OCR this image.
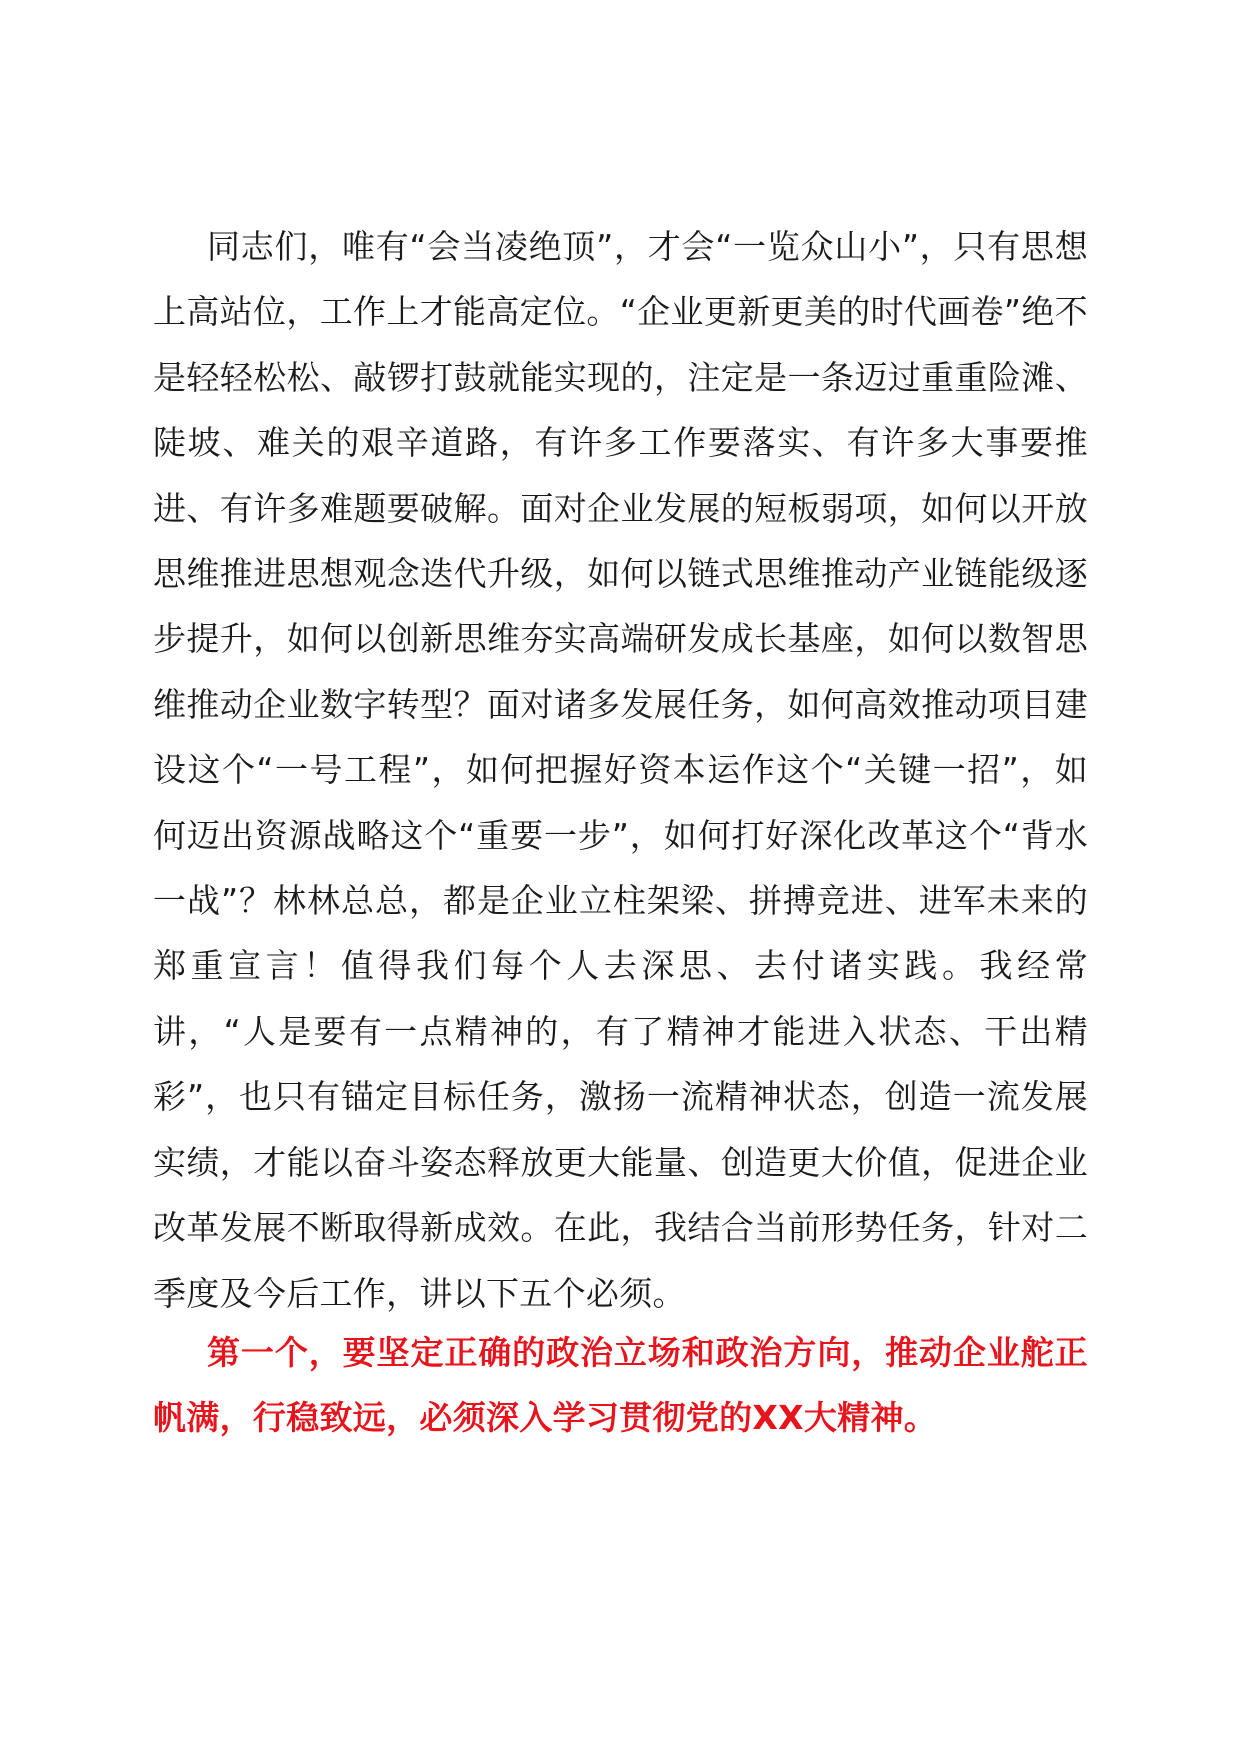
同志们，唯有“会当凌绝顶”，才会“一览众山小”，只有思想上高站位，工作上才能高定位。“企业更新更美的时代画卷”绝不是轻轻松松、敲锣打鼓就能实现的，注定是一条迈过重重险滩、陡坡、难关的艰辛道路，有许多工作要落实、有许多大事要推进、有许多难题要破解。面对企业发展的短板弱项，如何以开放思维推进思想观念迭代升级，如何以链式思维推动产业链能级逐步提升，如何以创新思维夯实高端研发成长基座，如何以数智思维推动企业数字转型？面对诸多发展任务，如何高效推动项目建设这个“一号工程”，如何把握好资本运作这个“关键一招”，如何迈出资源战略这个“重要一步”，如何打好深化改革这个“背水一战”？林林总总，都是企业立柱架梁、拼搏竞进、进军未来的郑重宣言！值得我们每个人去深思、去付诸实践。我经常讲，“人是要有一点精神的，有了精神才能进入状态、干出精彩”，也只有锚定目标任务，激扬一流精神状态，创造一流发展实绩，才能以奋斗姿态释放更大能量、创造更大价值，促进企业改革发展不断取得新成效。在此，我结合当前形势任务，针对二季度及今后工作，讲以下五个必须。

第一个，要坚定正确的政治立场和政治方向，推动企业舵正帆满，行稳致远，必须深入学习贯彻党的XX大精神。
